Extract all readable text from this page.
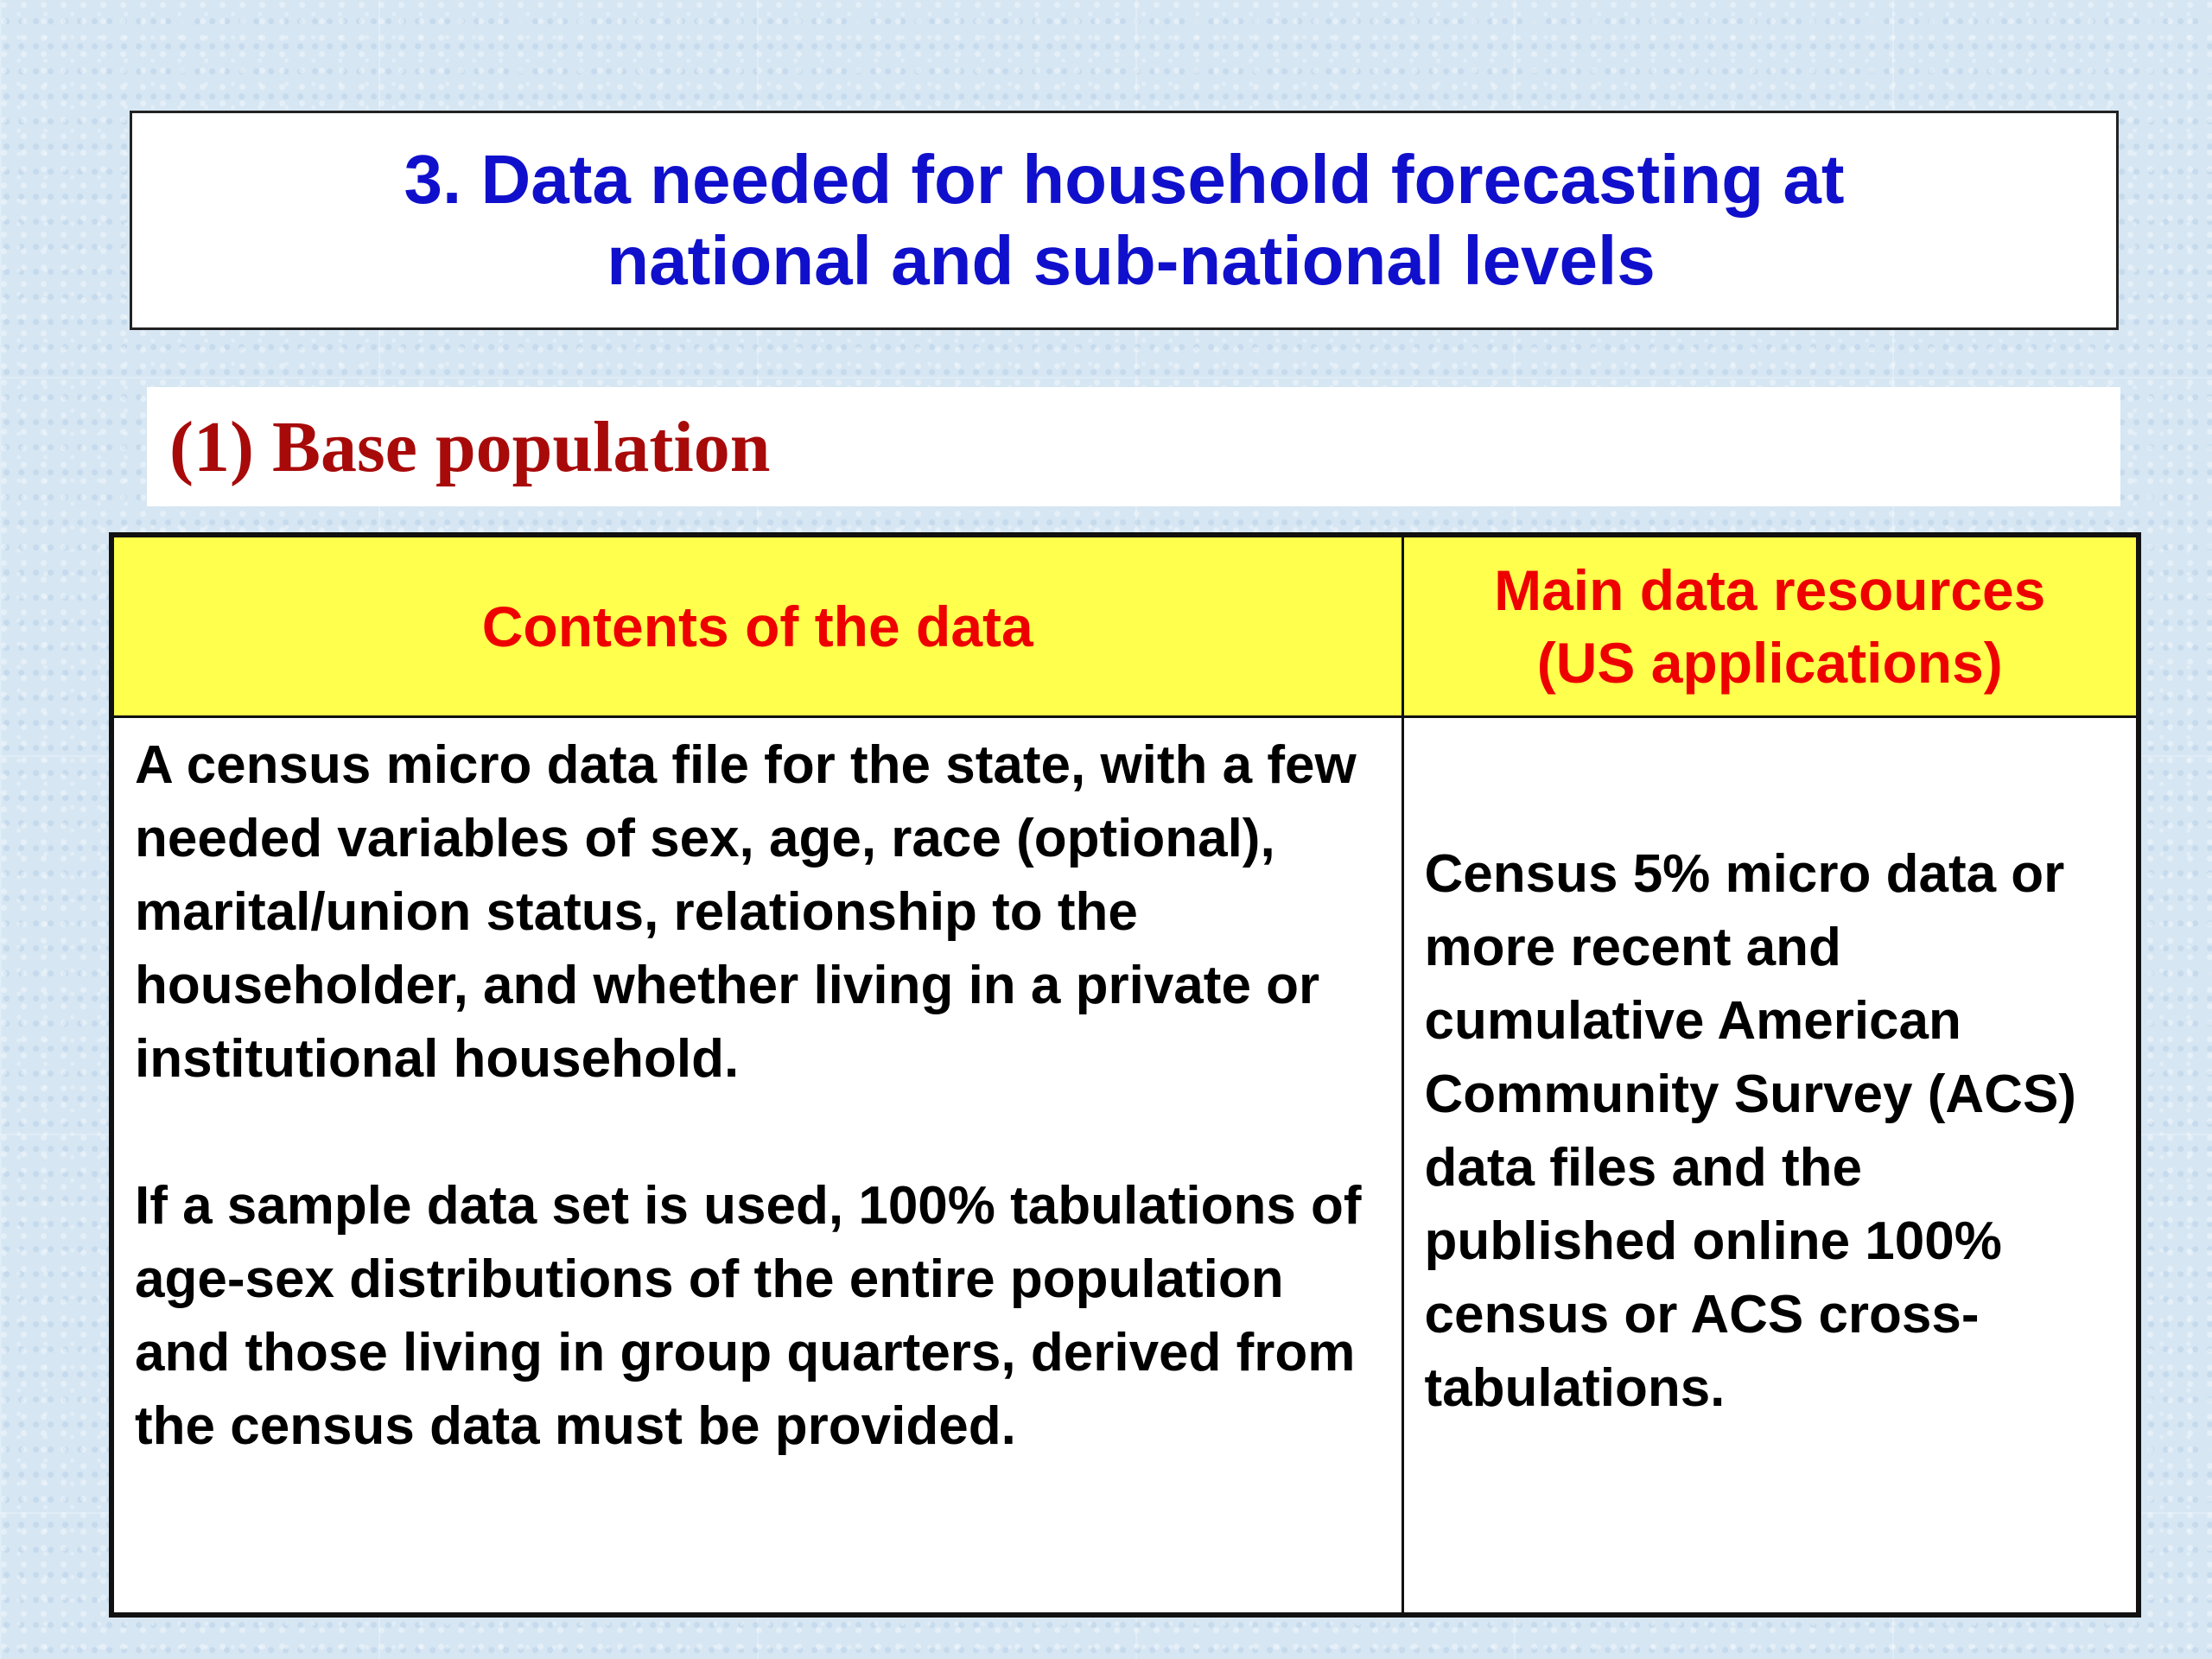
3. Data needed for household forecasting at
national and sub-national levels
(1) Base population
Contents of the data	Main data resources
(US applications)

A census micro data file for the state, with a few needed variables of sex, age, race (optional), marital/union status, relationship to the householder, and whether living in a private or institutional household.

If a sample data set is used, 100% tabulations of age-sex distributions of the entire population and those living in group quarters, derived from the census data must be provided.	Census 5% micro data or more recent and cumulative American Community Survey (ACS) data files and the published online 100% census or ACS cross-tabulations.
